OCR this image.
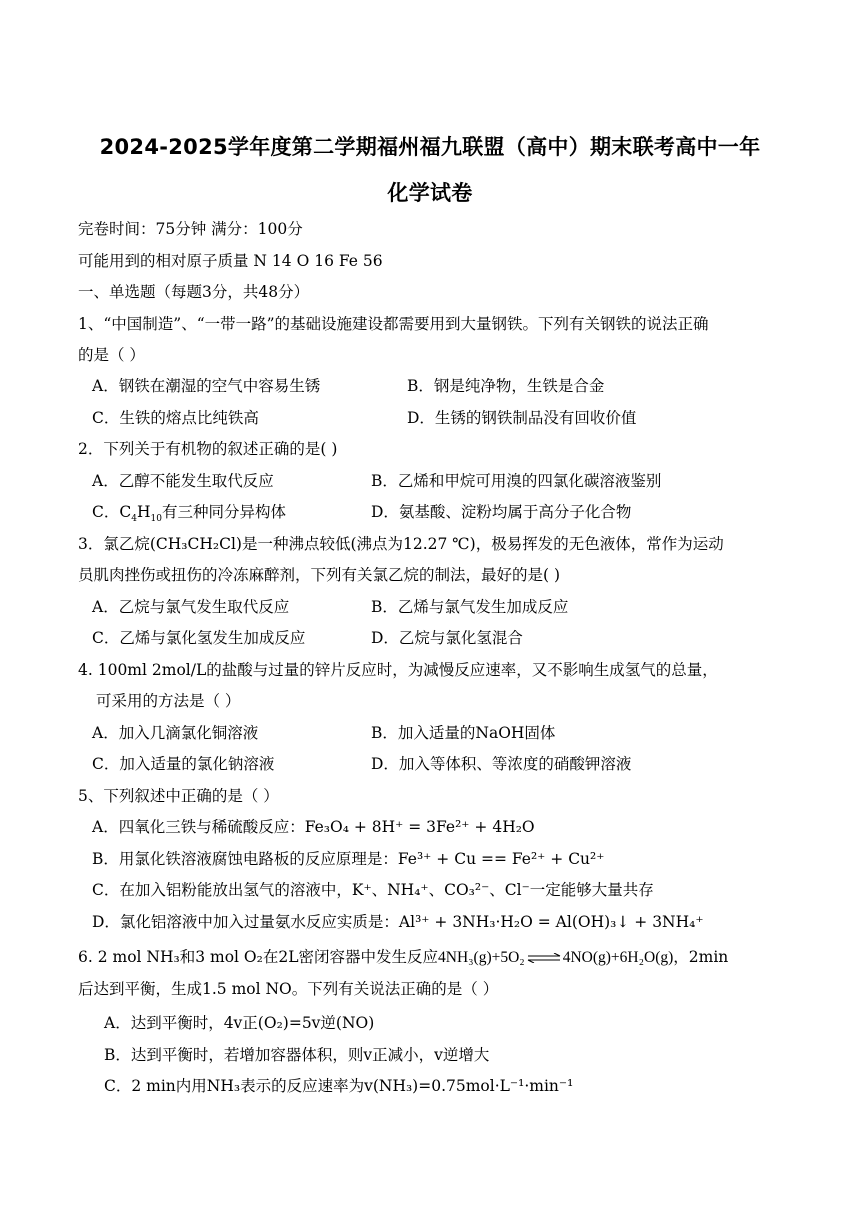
2024-2025学年度第二学期福州福九联盟（高中）期末联考高中一年
化学试卷
完卷时间：75分钟 满分：100分
可能用到的相对原子质量 N 14 O 16 Fe 56
一、单选题（每题3分，共48分）
1、“中国制造”、“一带一路”的基础设施建设都需要用到大量钢铁。下列有关钢铁的说法正确
的是（ ）
A．钢铁在潮湿的空气中容易生锈	B．钢是纯净物，生铁是合金
C．生铁的熔点比纯铁高	D．生锈的钢铁制品没有回收价值
2．下列关于有机物的叙述正确的是( )
A．乙醇不能发生取代反应	B．乙烯和甲烷可用溴的四氯化碳溶液鉴别
C．$C_4H_{10}$有三种同分异构体	D．氨基酸、淀粉均属于高分子化合物
3．氯乙烷(CH₃CH₂Cl)是一种沸点较低(沸点为12.27 ℃)，极易挥发的无色液体，常作为运动
员肌肉挫伤或扭伤的冷冻麻醉剂，下列有关氯乙烷的制法，最好的是( )
A．乙烷与氯气发生取代反应	B．乙烯与氯气发生加成反应
C．乙烯与氯化氢发生加成反应	D．乙烷与氯化氢混合
4. 100ml 2mol/L的盐酸与过量的锌片反应时，为减慢反应速率，又不影响生成氢气的总量，
可采用的方法是（ ）
A．加入几滴氯化铜溶液	B．加入适量的NaOH固体
C．加入适量的氯化钠溶液	D．加入等体积、等浓度的硝酸钾溶液
5、下列叙述中正确的是（ ）
A．四氧化三铁与稀硫酸反应：Fe₃O₄ + 8H⁺ = 3Fe²⁺ + 4H₂O
B．用氯化铁溶液腐蚀电路板的反应原理是：Fe³⁺ + Cu == Fe²⁺ + Cu²⁺
C．在加入铝粉能放出氢气的溶液中，K⁺、NH₄⁺、CO₃²⁻、Cl⁻一定能够大量共存
D．氯化铝溶液中加入过量氨水反应实质是：Al³⁺ + 3NH₃·H₂O = Al(OH)₃↓ + 3NH₄⁺
6. 2 mol NH₃和3 mol O₂在2L密闭容器中发生反应4NH₃(g)+5O₂ ⇌ 4NO(g)+6H₂O(g)，2min
后达到平衡，生成1.5 mol NO。下列有关说法正确的是（ ）
A．达到平衡时，4v正(O₂)=5v逆(NO)
B．达到平衡时，若增加容器体积，则v正减小，v逆增大
C．2 min内用NH₃表示的反应速率为v(NH₃)=0.75mol·L⁻¹·min⁻¹
